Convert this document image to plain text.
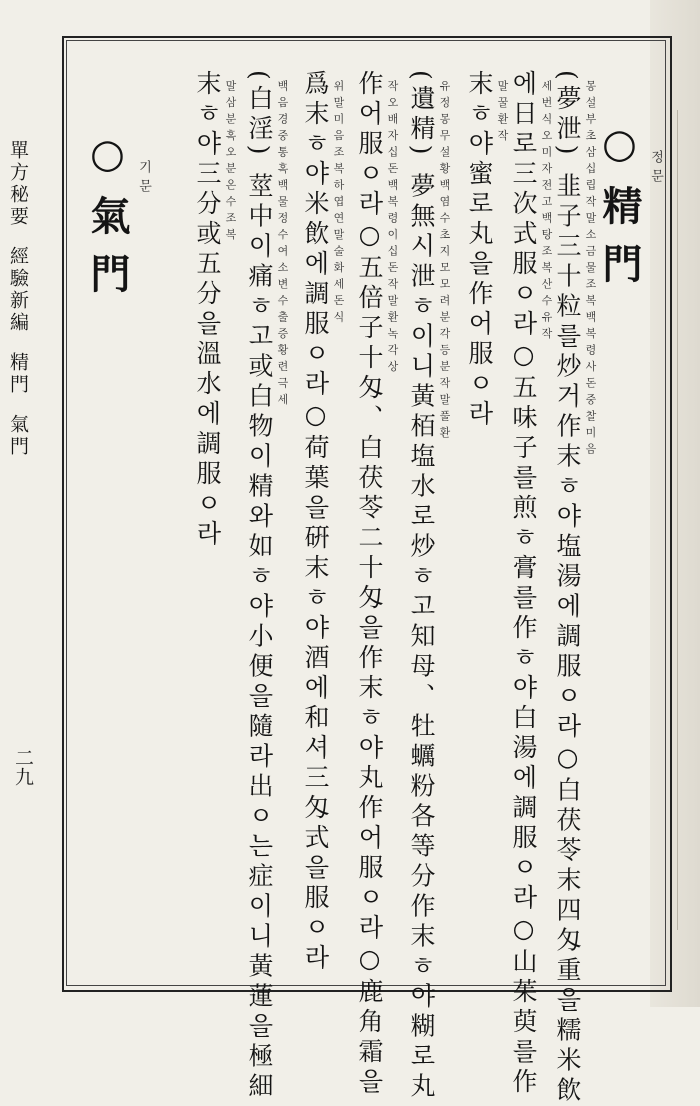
單方秘要經驗新編精門氣門
二九
○精門 정 문
(夢泄) 韭子三十粒를炒거作末ㅎ야塩湯에調服ㅇ라○白茯苓末四匁重을糯米飲 몽 설 부 초 삼 십 립 작 말 소 금 물 조 복 백 복 령 사 돈 중 찰 미 음
에日로三次式服ㅇ라○五味子를煎ㅎ膏를作ㅎ야白湯에調服ㅇ라○山茱萸를作 세 번 식 오 미 자 전 고 백 탕 조 복 산 수 유 작
末ㅎ야蜜로丸을作어服ㅇ라 말 꿀 환 작
(遺精) 夢無시泄ㅎ이니黃栢塩水로炒ㅎ고知母、牡蠣粉各等分作末ㅎ야糊로丸 유 정 몽 무 설 황 백 염 수 초 지 모 모 려 분 각 등 분 작 말 풀 환
作어服ㅇ라○五倍子十匁、白茯苓二十匁을作末ㅎ야丸作어服ㅇ라○鹿角霜을 작 오 배 자 십 돈 백 복 령 이 십 돈 작 말 환 녹 각 상
爲末ㅎ야米飲에調服ㅇ라○荷葉을硏末ㅎ야酒에和셔三匁式을服ㅇ라 위 말 미 음 조 복 하 엽 연 말 술 화 세 돈 식
(白淫) 莖中이痛ㅎ고或白物이精와如ㅎ야小便을隨라出ㅇ는症이니黃蓮을極細 백 음 경 중 통 혹 백 물 정 수 여 소 변 수 출 증 황 련 극 세
末ㅎ야三分或五分을溫水에調服ㅇ라 말 삼 분 혹 오 분 온 수 조 복
○氣門 기 문
